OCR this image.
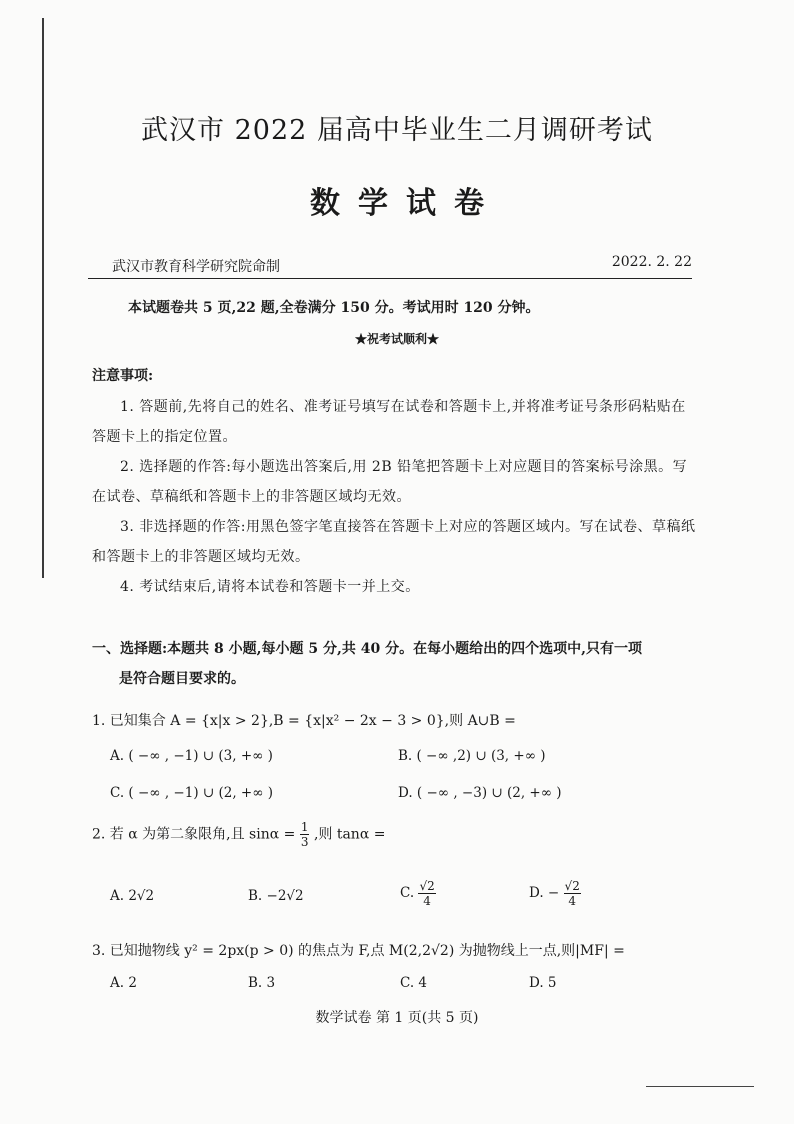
武汉市 2022 届高中毕业生二月调研考试
数学试卷
武汉市教育科学研究院命制	2022. 2. 22
本试题卷共 5 页,22 题,全卷满分 150 分。考试用时 120 分钟。
★祝考试顺利★
注意事项:

1. 答题前,先将自己的姓名、准考证号填写在试卷和答题卡上,并将准考证号条形码粘贴在答题卡上的指定位置。

2. 选择题的作答:每小题选出答案后,用 2B 铅笔把答题卡上对应题目的答案标号涂黑。写在试卷、草稿纸和答题卡上的非答题区域均无效。

3. 非选择题的作答:用黑色签字笔直接答在答题卡上对应的答题区域内。写在试卷、草稿纸和答题卡上的非答题区域均无效。

4. 考试结束后,请将本试卷和答题卡一并上交。

一、选择题:本题共 8 小题,每小题 5 分,共 40 分。在每小题给出的四个选项中,只有一项
是符合题目要求的。
1. 已知集合 A = {x|x > 2},B = {x|x² − 2x − 3 > 0},则 A∪B =
A. ( −∞ , −1) ∪ (3, +∞ )	B. ( −∞ ,2) ∪ (3, +∞ )
C. ( −∞ , −1) ∪ (2, +∞ )	D. ( −∞ , −3) ∪ (2, +∞ )
2. 若 α 为第二象限角,且 $\sin\alpha = \frac{1}{3}$ ,则 tanα =
A. 2√2	B. −2√2	C. $\frac{√2}{4}$	D. − $\frac{√2}{4}$
3. 已知抛物线 y² = 2px(p > 0) 的焦点为 F,点 M(2,2√2) 为抛物线上一点,则|MF| =
A. 2	B. 3	C. 4	D. 5
数学试卷 第 1 页(共 5 页)
